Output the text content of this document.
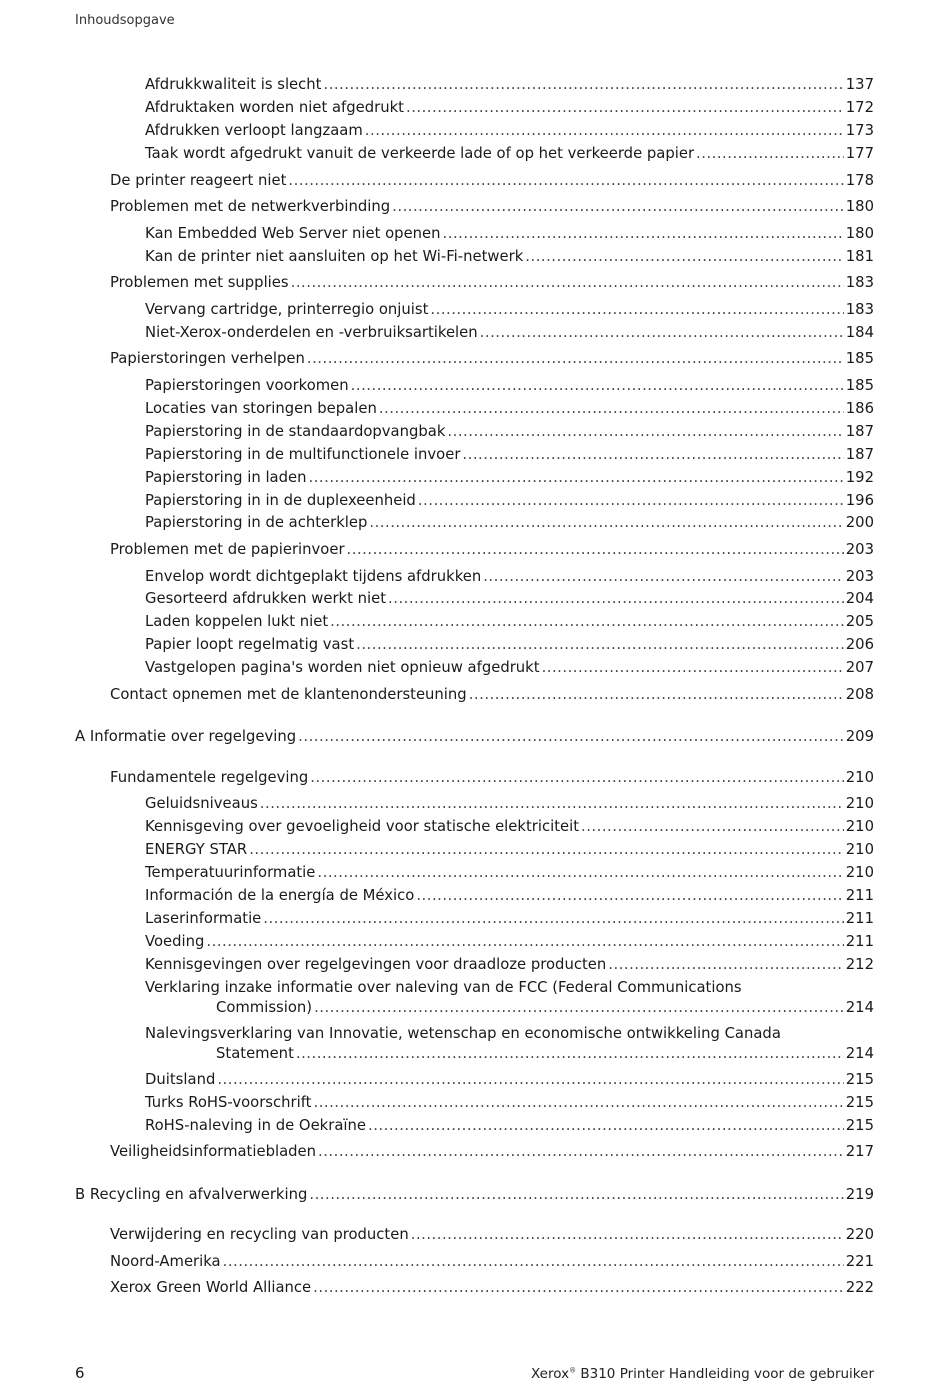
Inhoudsopgave
Afdrukkwaliteit is slecht .....	137
Afdruktaken worden niet afgedrukt .....	172
Afdrukken verloopt langzaam .....	173
Taak wordt afgedrukt vanuit de verkeerde lade of op het verkeerde papier .....	177
De printer reageert niet .....	178
Problemen met de netwerkverbinding .....	180
Kan Embedded Web Server niet openen .....	180
Kan de printer niet aansluiten op het Wi-Fi-netwerk .....	181
Problemen met supplies .....	183
Vervang cartridge, printerregio onjuist .....	183
Niet-Xerox-onderdelen en -verbruiksartikelen .....	184
Papierstoringen verhelpen .....	185
Papierstoringen voorkomen .....	185
Locaties van storingen bepalen .....	186
Papierstoring in de standaardopvangbak .....	187
Papierstoring in de multifunctionele invoer .....	187
Papierstoring in laden .....	192
Papierstoring in in de duplexeenheid .....	196
Papierstoring in de achterklep .....	200
Problemen met de papierinvoer .....	203
Envelop wordt dichtgeplakt tijdens afdrukken .....	203
Gesorteerd afdrukken werkt niet .....	204
Laden koppelen lukt niet .....	205
Papier loopt regelmatig vast .....	206
Vastgelopen pagina's worden niet opnieuw afgedrukt .....	207
Contact opnemen met de klantenondersteuning .....	208
A Informatie over regelgeving .....	209
Fundamentele regelgeving .....	210
Geluidsniveaus .....	210
Kennisgeving over gevoeligheid voor statische elektriciteit .....	210
ENERGY STAR .....	210
Temperatuurinformatie .....	210
Información de la energía de México .....	211
Laserinformatie .....	211
Voeding .....	211
Kennisgevingen over regelgevingen voor draadloze producten .....	212
Verklaring inzake informatie over naleving van de FCC (Federal Communications
Commission) .....	214
Nalevingsverklaring van Innovatie, wetenschap en economische ontwikkeling Canada
Statement .....	214
Duitsland .....	215
Turks RoHS-voorschrift .....	215
RoHS-naleving in de Oekraïne .....	215
Veiligheidsinformatiebladen .....	217
B Recycling en afvalverwerking .....	219
Verwijdering en recycling van producten .....	220
Noord-Amerika .....	221
Xerox Green World Alliance .....	222
6	Xerox® B310 Printer Handleiding voor de gebruiker
